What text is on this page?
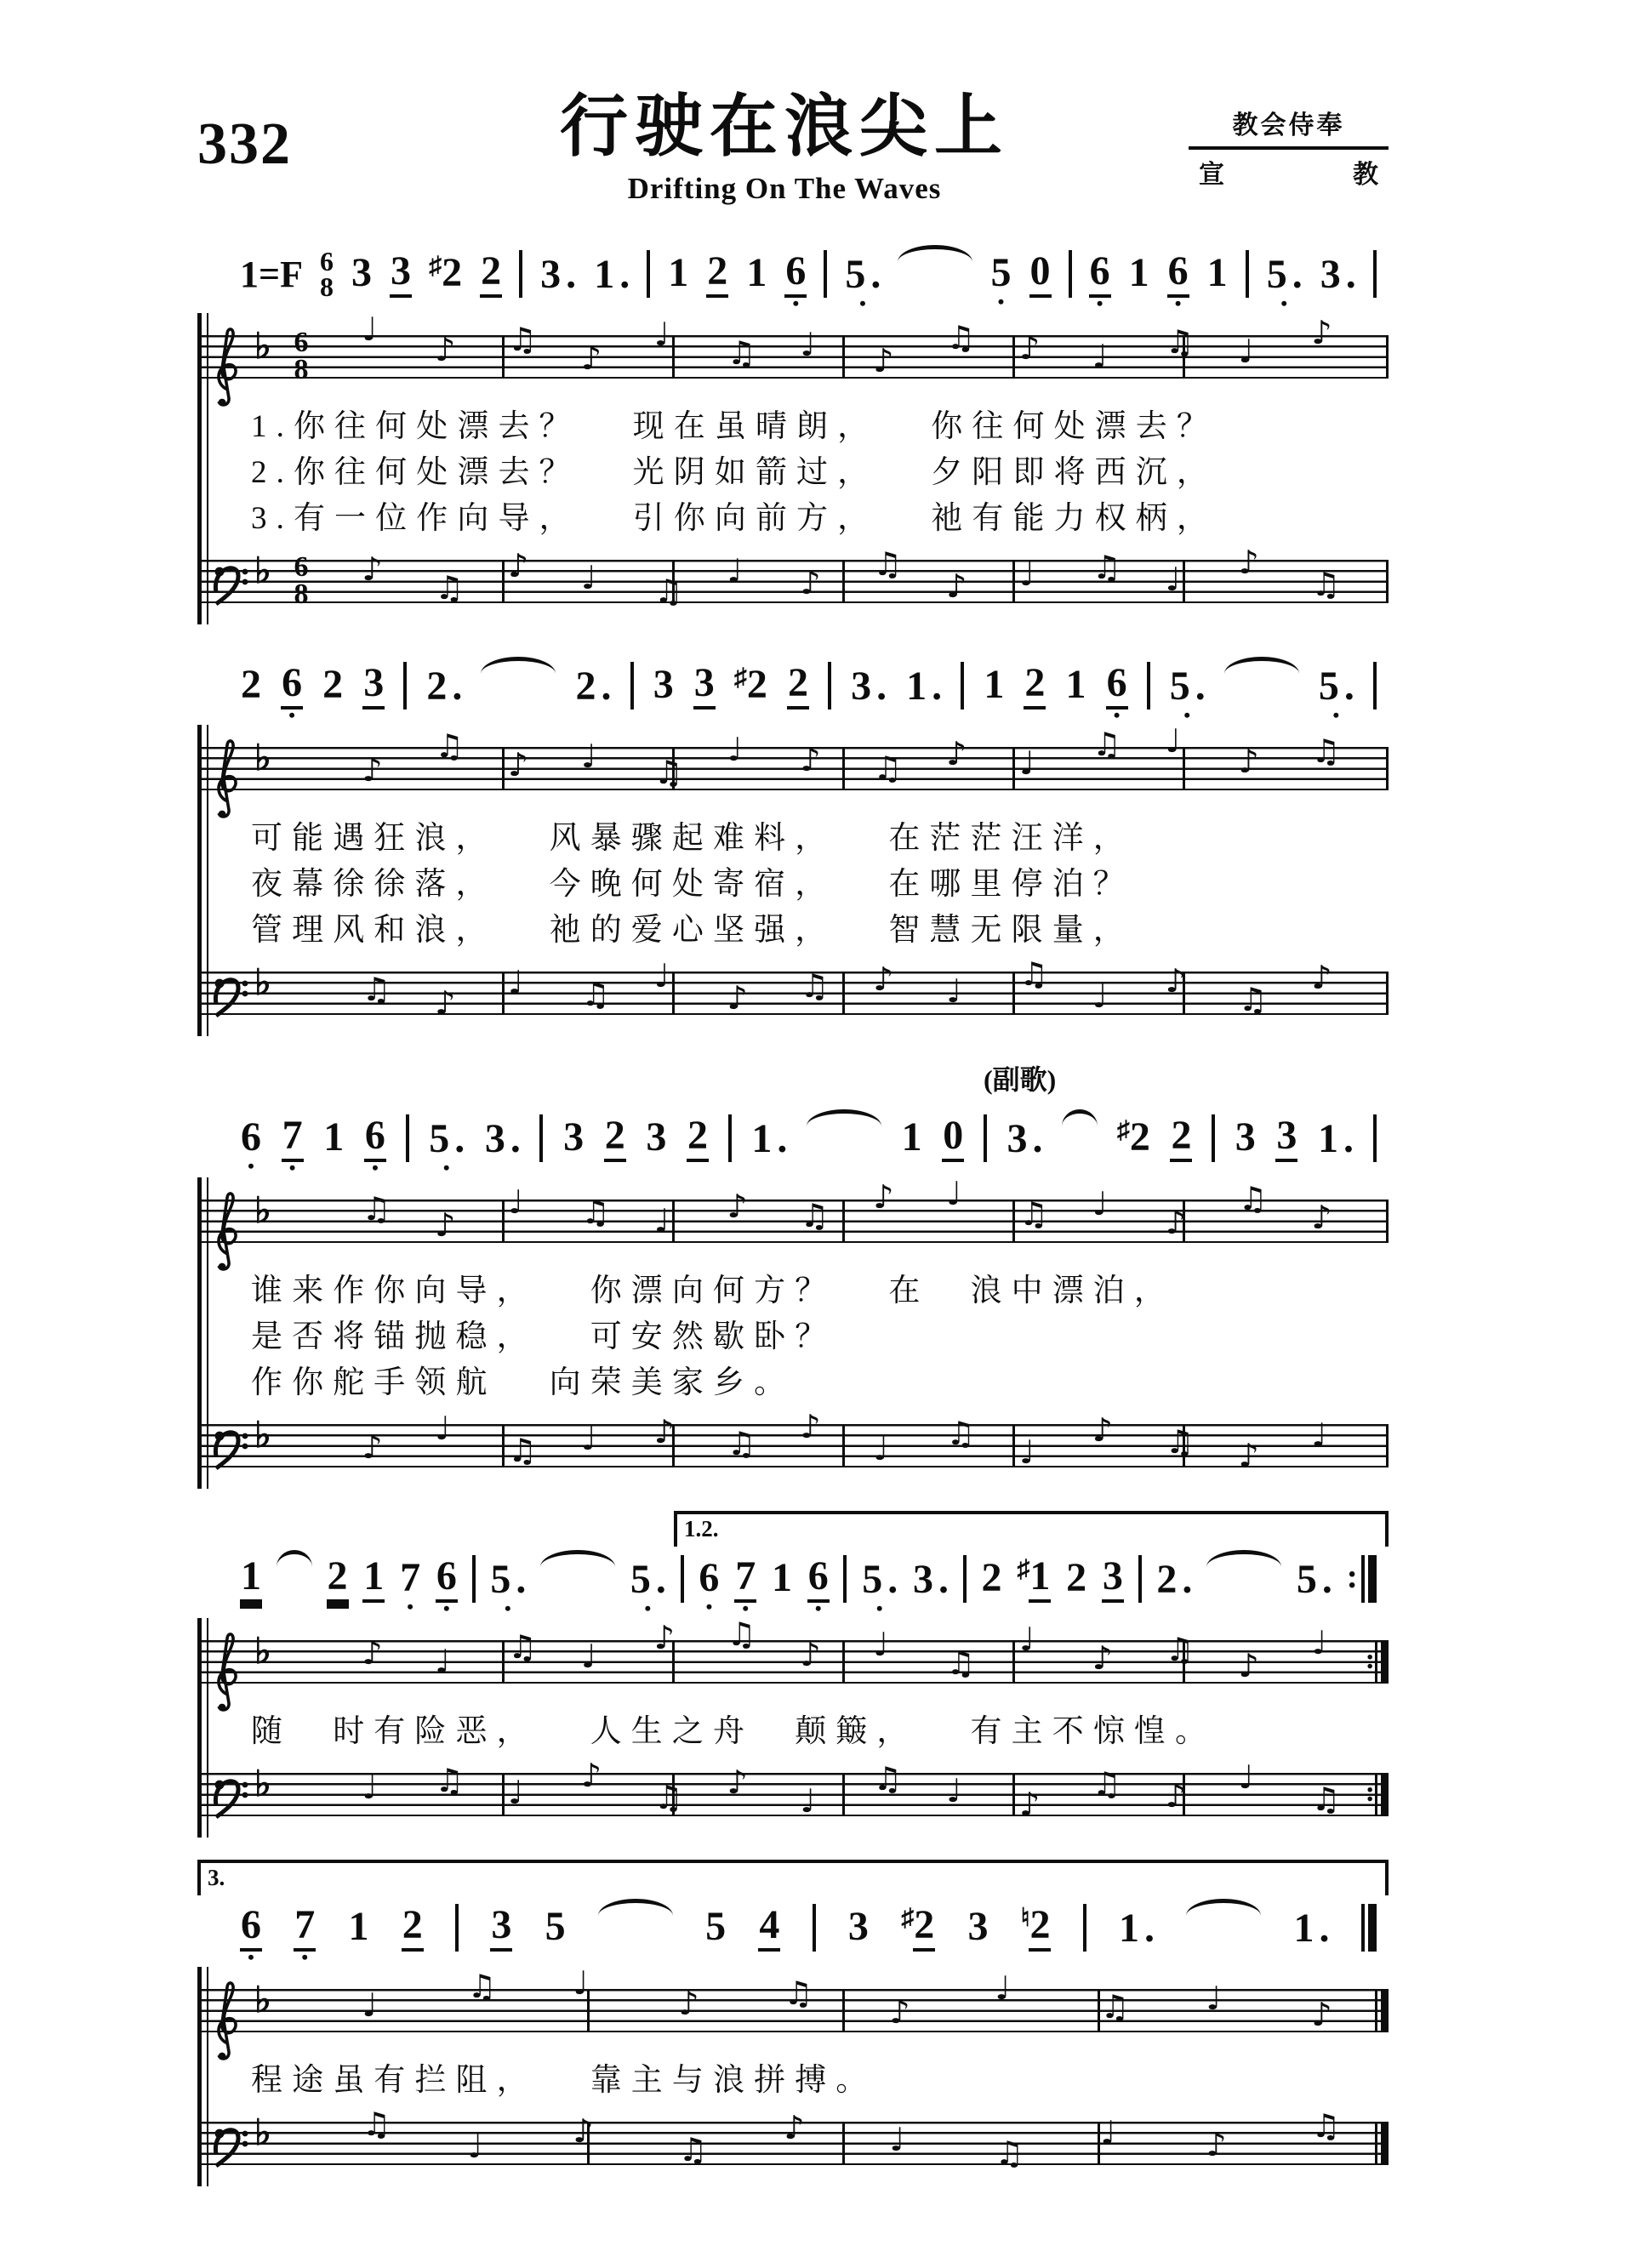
332	行驶在浪尖上
Drifting On The Waves
教会侍奉
宣	教
1=F 6
8 3 3 ♯ 2 2 3 . 1 . 1 2 1 6
•
5 .
•
5
•
0 6
•
1 6
•
1 5 .
•
3 .
♭ 6
8
♩
♪ ♫ ♪
♩ ♫ ♩ ♪
♫ ♪ ♩ ♫ ♩ ♪
1.你往何处漂去？ 现在虽晴朗， 你往何处漂去？
2.你往何处漂去？ 光阴如箭过， 夕阳即将西沉，
3.有一位作向导， 引你向前方， 祂有能力权柄，
♭ 6
8
♪ ♫
♪ ♩ ♫
♩ ♪ ♫
♪ ♩ ♫ ♩ ♪
♫
2 6
•
2 3 2 .	2 . 3 3 ♯ 2 2 3 . 1 . 1 2 1 6
•
5 .
•
5 .
•
♭	♪
♫ ♪ ♩ ♫
♩ ♪ ♫ ♪ ♩ ♫ ♩
♪ ♫
可能遇狂浪， 风暴骤起难料， 在茫茫汪洋，
夜幕徐徐落， 今晚何处寄宿， 在哪里停泊？
管理风和浪， 祂的爱心坚强， 智慧无限量，
♭	♫ ♪
♩ ♫ ♩
♪ ♫ ♪ ♩ ♫
♩ ♪ ♫
♪
(副歌)
6
•
7
•
1 6
•
5 .
•
3 . 3 2 3 2 1 .	1 0 3 .	♯ 2 2 3 3 1 .
♭	♫ ♪
♩ ♫ ♩ ♪ ♫ ♪ ♩
♫ ♩ ♪
♫ ♪
谁来作你向导， 你漂向何方？ 在　浪中漂泊，
是否将锚抛稳， 可安然歇卧？
作你舵手领航 向荣美家乡。
♭	♪ ♩
♫ ♩ ♪ ♫ ♪
♩ ♫ ♩
♪ ♫ ♪
♩
1.2.
1 2 1 7
•
6
•
5 .
•
5 .
•
6
•
7
•
1 6
•
5 .
•
3 . 2 ♯ 1 2 3 2 .	5 . :
♭	♪ ♩ ♫ ♩ ♪ ♫
♪ ♩ ♫
♩ ♪ ♫ ♪
♩ :
随　时有险恶， 人生之舟　颠簸， 有主不惊惶。
♭	♩ ♫ ♩ ♪
♫ ♪ ♩
♫ ♩ ♪
♫ ♪ ♩
♫ :
3.
6
•
7
•
1 2 3 5	5 4 3 ♯ 2 3 ♮ 2 1 .	1 .
♭	♩	♫ ♩
♪	♫ ♪
♩	♫ ♩	♪
程途虽有拦阻， 靠主与浪拼搏。
♭	♫
♩	♪	♫
♪	♩	♫
♩	♪	♫
